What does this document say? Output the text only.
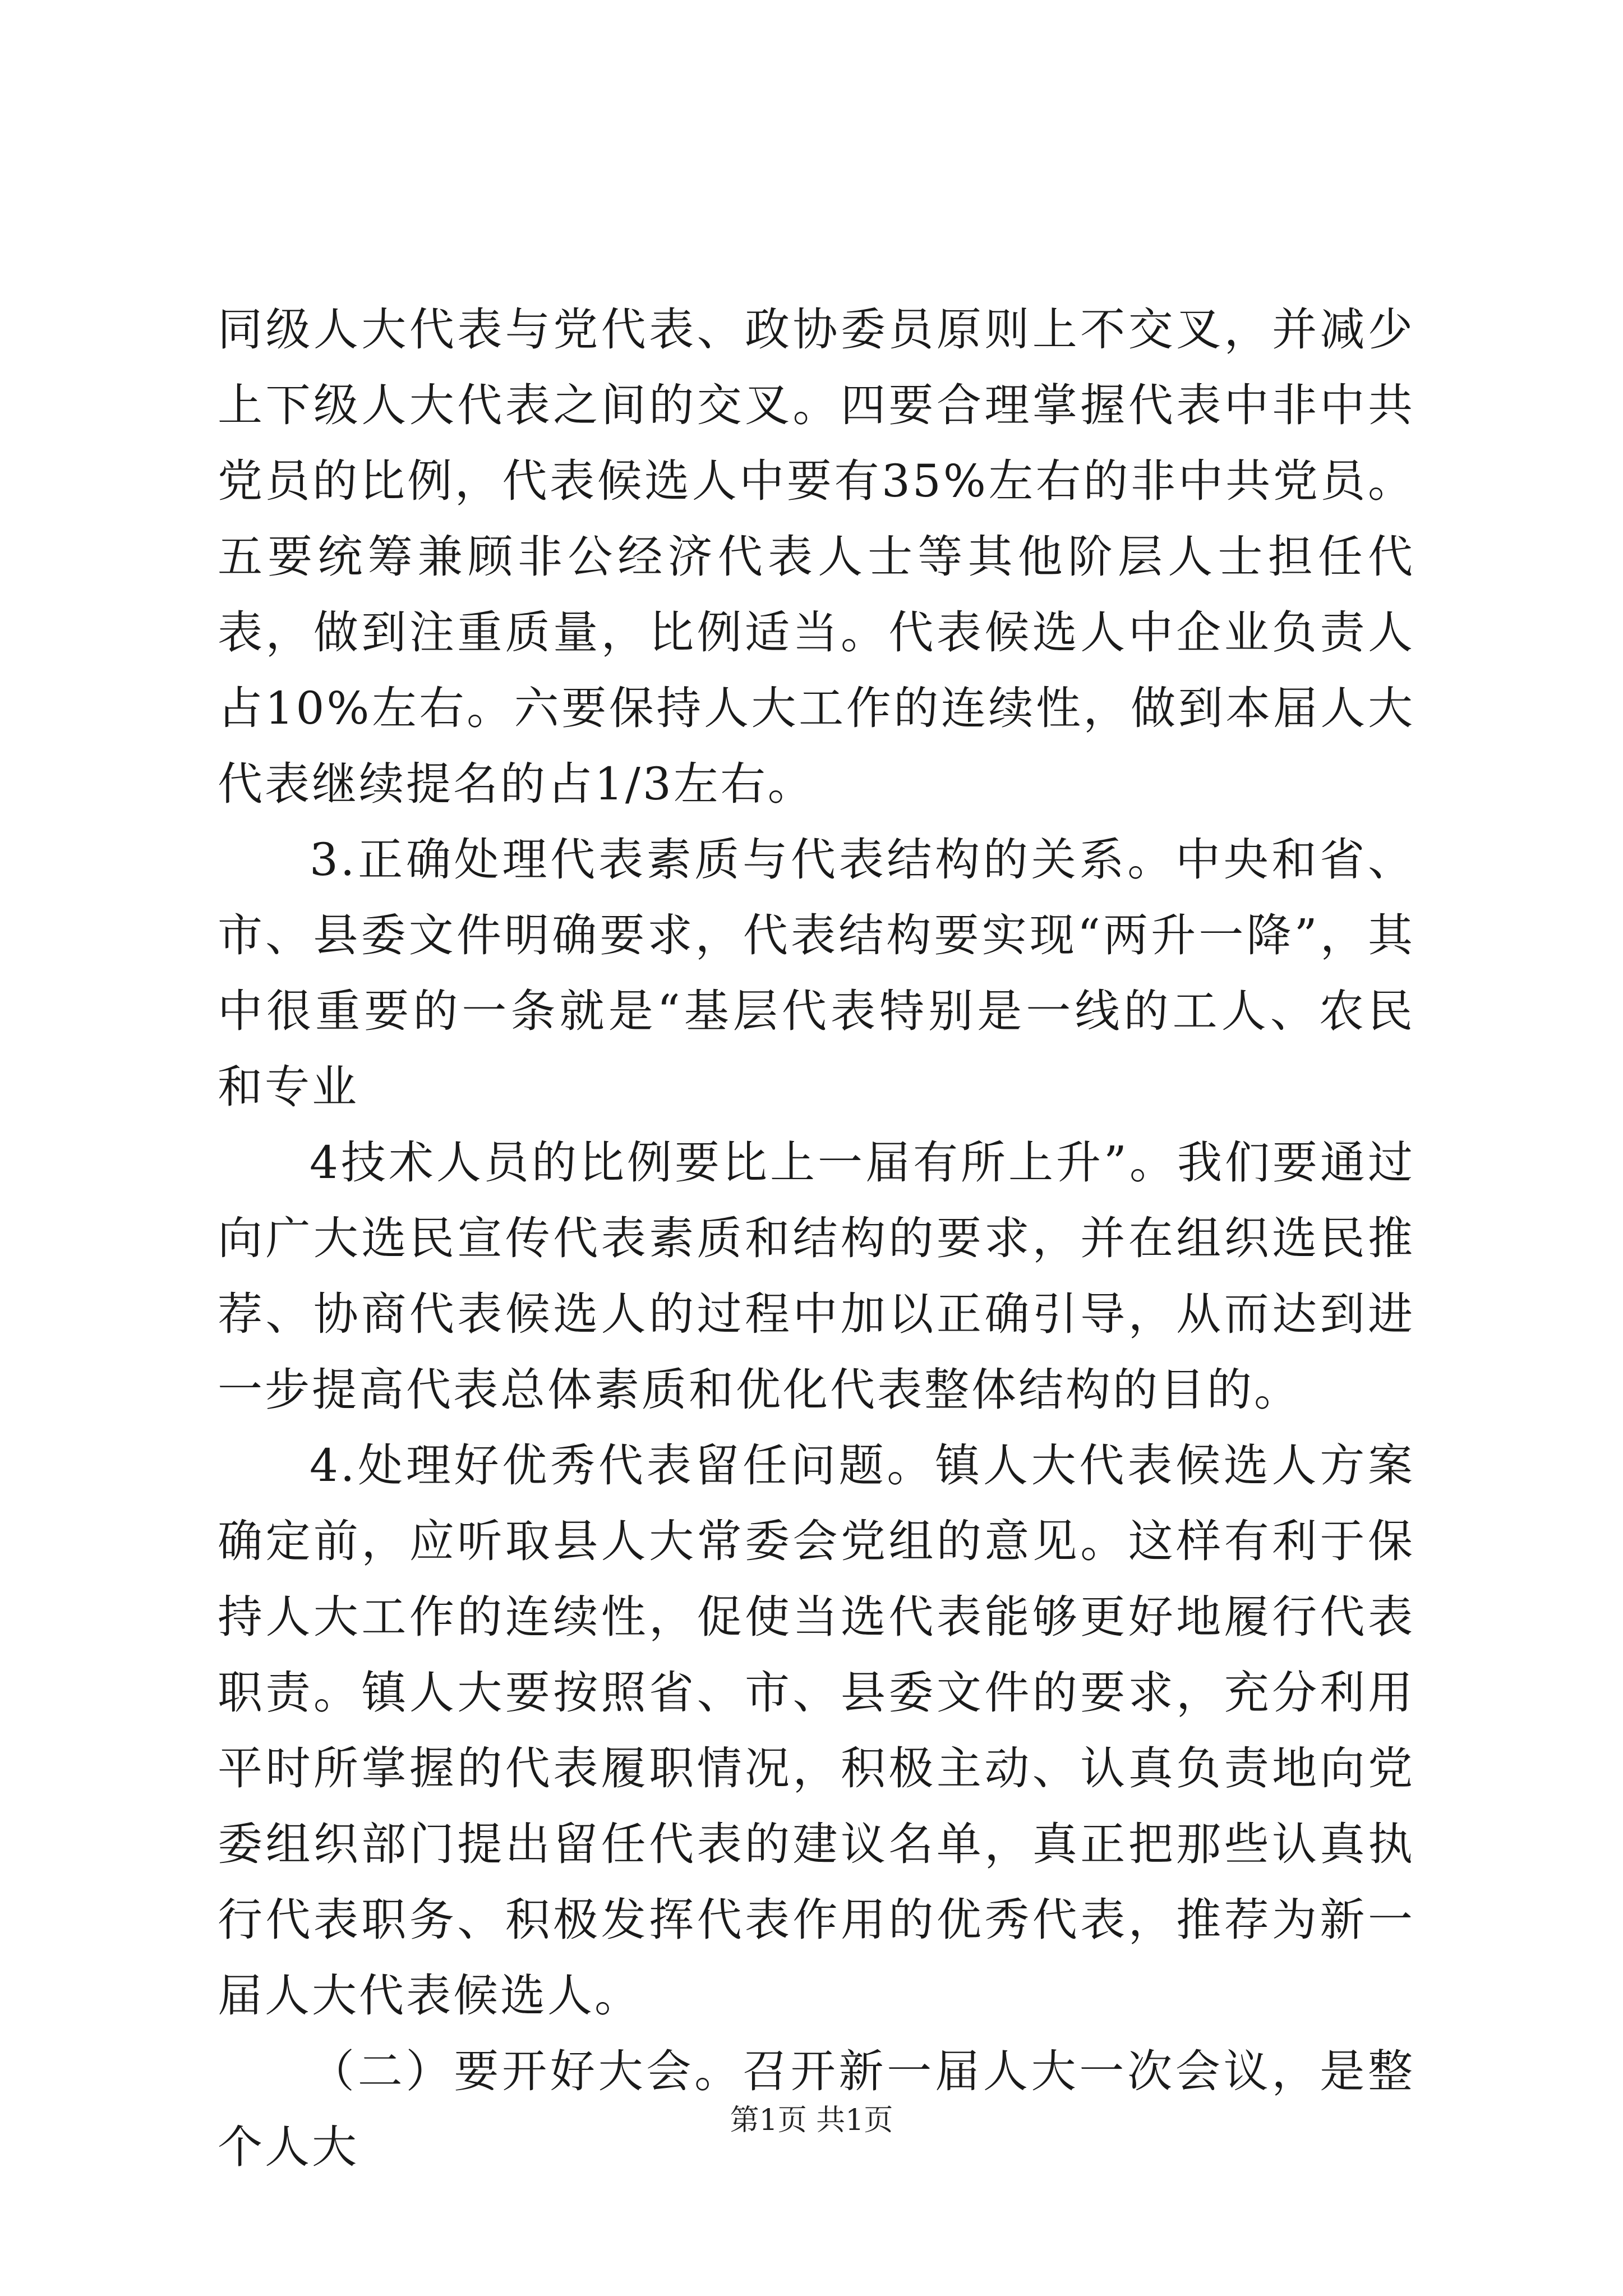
同级人大代表与党代表、政协委员原则上不交叉，并减少上下级人大代表之间的交叉。四要合理掌握代表中非中共党员的比例，代表候选人中要有35%左右的非中共党员。五要统筹兼顾非公经济代表人士等其他阶层人士担任代表，做到注重质量，比例适当。代表候选人中企业负责人占10%左右。六要保持人大工作的连续性，做到本届人大代表继续提名的占1/3左右。

3.正确处理代表素质与代表结构的关系。中央和省、市、县委文件明确要求，代表结构要实现“两升一降”，其中很重要的一条就是“基层代表特别是一线的工人、农民和专业

4技术人员的比例要比上一届有所上升”。我们要通过向广大选民宣传代表素质和结构的要求，并在组织选民推荐、协商代表候选人的过程中加以正确引导，从而达到进一步提高代表总体素质和优化代表整体结构的目的。

4.处理好优秀代表留任问题。镇人大代表候选人方案确定前，应听取县人大常委会党组的意见。这样有利于保持人大工作的连续性，促使当选代表能够更好地履行代表职责。镇人大要按照省、市、县委文件的要求，充分利用平时所掌握的代表履职情况，积极主动、认真负责地向党委组织部门提出留任代表的建议名单，真正把那些认真执行代表职务、积极发挥代表作用的优秀代表，推荐为新一届人大代表候选人。

（二）要开好大会。召开新一届人大一次会议，是整个人大

第1页 共1页
